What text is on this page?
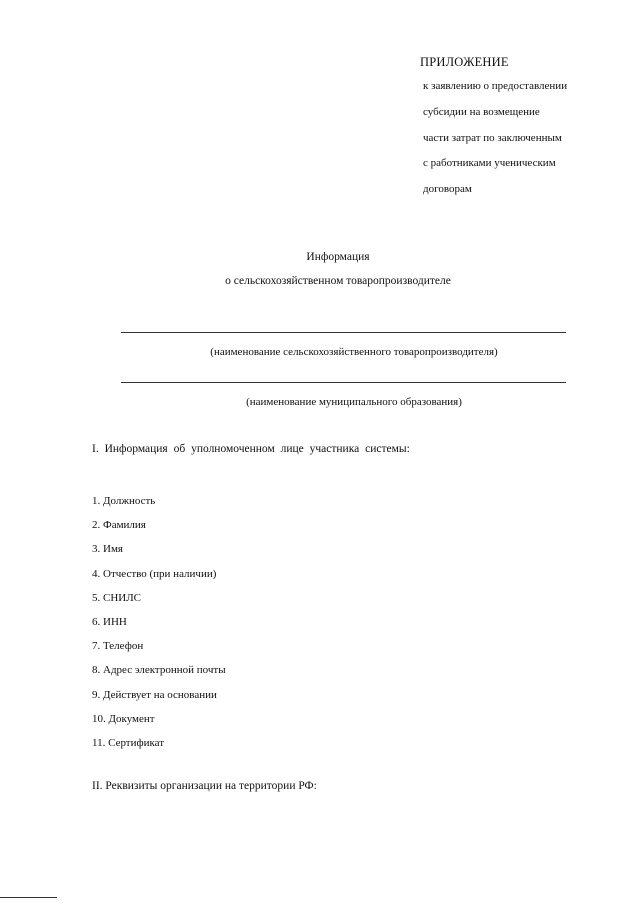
ПРИЛОЖЕНИЕ
к заявлению о предоставлении
субсидии на возмещение
части затрат по заключенным
с работниками ученическим
договорам
Информация
о сельскохозяйственном товаропроизводителе
(наименование сельскохозяйственного товаропроизводителя)
(наименование муниципального образования)
I. Информация об уполномоченном лице участника системы:
1. Должность
2. Фамилия
3. Имя
4. Отчество (при наличии)
5. СНИЛС
6. ИНН
7. Телефон
8. Адрес электронной почты
9. Действует на основании
10. Документ
11. Сертификат
II. Реквизиты организации на территории РФ:
